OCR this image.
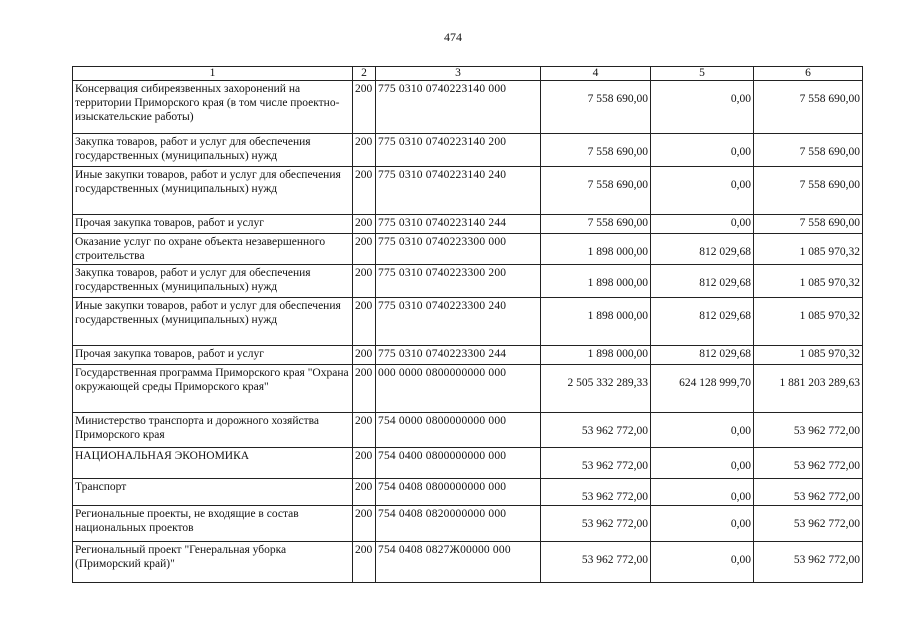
474
1	2	3	4	5	6
Консервация сибиреязвенных захоронений на территории Приморского края (в том числе проектно-изыскательские работы)	200	775 0310 0740223140 000	7 558 690,00	0,00	7 558 690,00
Закупка товаров, работ и услуг для обеспечения государственных (муниципальных) нужд	200	775 0310 0740223140 200	7 558 690,00	0,00	7 558 690,00
Иные закупки товаров, работ и услуг для обеспечения государственных (муниципальных) нужд	200	775 0310 0740223140 240	7 558 690,00	0,00	7 558 690,00
Прочая закупка товаров, работ и услуг	200	775 0310 0740223140 244	7 558 690,00	0,00	7 558 690,00
Оказание услуг по охране объекта незавершенного строительства	200	775 0310 0740223300 000	1 898 000,00	812 029,68	1 085 970,32
Закупка товаров, работ и услуг для обеспечения государственных (муниципальных) нужд	200	775 0310 0740223300 200	1 898 000,00	812 029,68	1 085 970,32
Иные закупки товаров, работ и услуг для обеспечения государственных (муниципальных) нужд	200	775 0310 0740223300 240	1 898 000,00	812 029,68	1 085 970,32
Прочая закупка товаров, работ и услуг	200	775 0310 0740223300 244	1 898 000,00	812 029,68	1 085 970,32
Государственная программа Приморского края "Охрана окружающей среды Приморского края"	200	000 0000 0800000000 000	2 505 332 289,33	624 128 999,70	1 881 203 289,63
Министерство транспорта и дорожного хозяйства Приморского края	200	754 0000 0800000000 000	53 962 772,00	0,00	53 962 772,00
НАЦИОНАЛЬНАЯ ЭКОНОМИКА	200	754 0400 0800000000 000	53 962 772,00	0,00	53 962 772,00
Транспорт	200	754 0408 0800000000 000	53 962 772,00	0,00	53 962 772,00
Региональные проекты, не входящие в состав национальных проектов	200	754 0408 0820000000 000	53 962 772,00	0,00	53 962 772,00
Региональный проект "Генеральная уборка (Приморский край)"	200	754 0408 0827Ж00000 000	53 962 772,00	0,00	53 962 772,00
